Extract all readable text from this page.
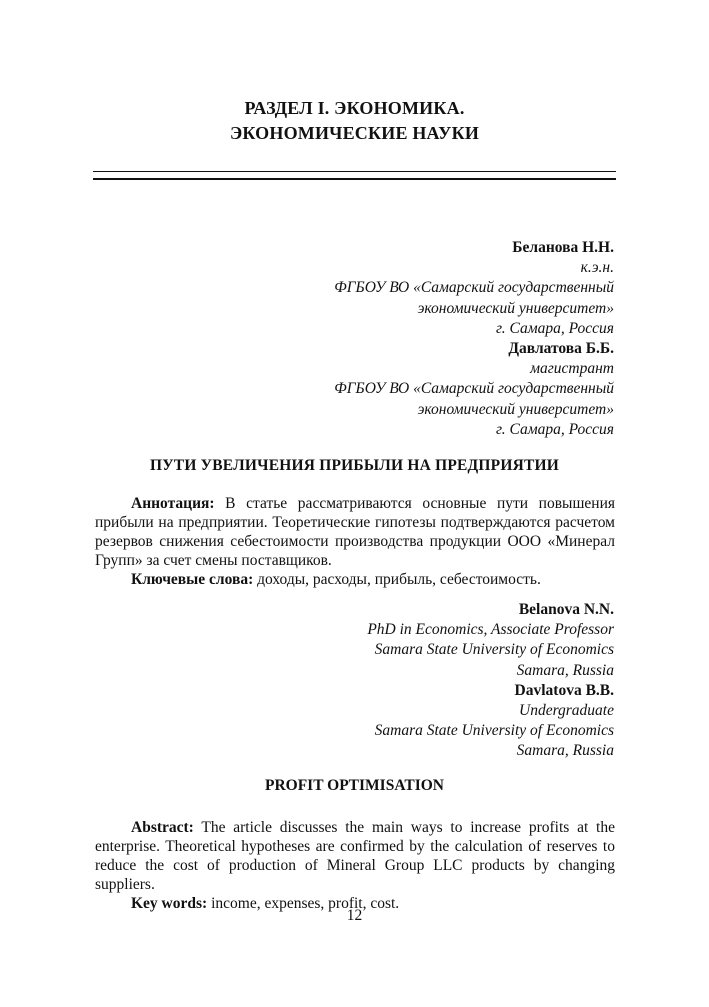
РАЗДЕЛ I. ЭКОНОМИКА.
ЭКОНОМИЧЕСКИЕ НАУКИ
Беланова Н.Н.
к.э.н.
ФГБОУ ВО «Самарский государственный
экономический университет»
г. Самара, Россия
Давлатова Б.Б.
магистрант
ФГБОУ ВО «Самарский государственный
экономический университет»
г. Самара, Россия
ПУТИ УВЕЛИЧЕНИЯ ПРИБЫЛИ НА ПРЕДПРИЯТИИ

Аннотация: В статье рассматриваются основные пути повышения прибыли на предприятии. Теоретические гипотезы подтверждаются расчетом резервов снижения себестоимости производства продукции ООО «Минерал Групп» за счет смены поставщиков.

Ключевые слова: доходы, расходы, прибыль, себестоимость.

Belanova N.N.
PhD in Economics, Associate Professor
Samara State University of Economics
Samara, Russia
Davlatova B.B.
Undergraduate
Samara State University of Economics
Samara, Russia
PROFIT OPTIMISATION

Abstract: The article discusses the main ways to increase profits at the enterprise. Theoretical hypotheses are confirmed by the calculation of reserves to reduce the cost of production of Mineral Group LLC products by changing suppliers.

Key words: income, expenses, profit, cost.

12
